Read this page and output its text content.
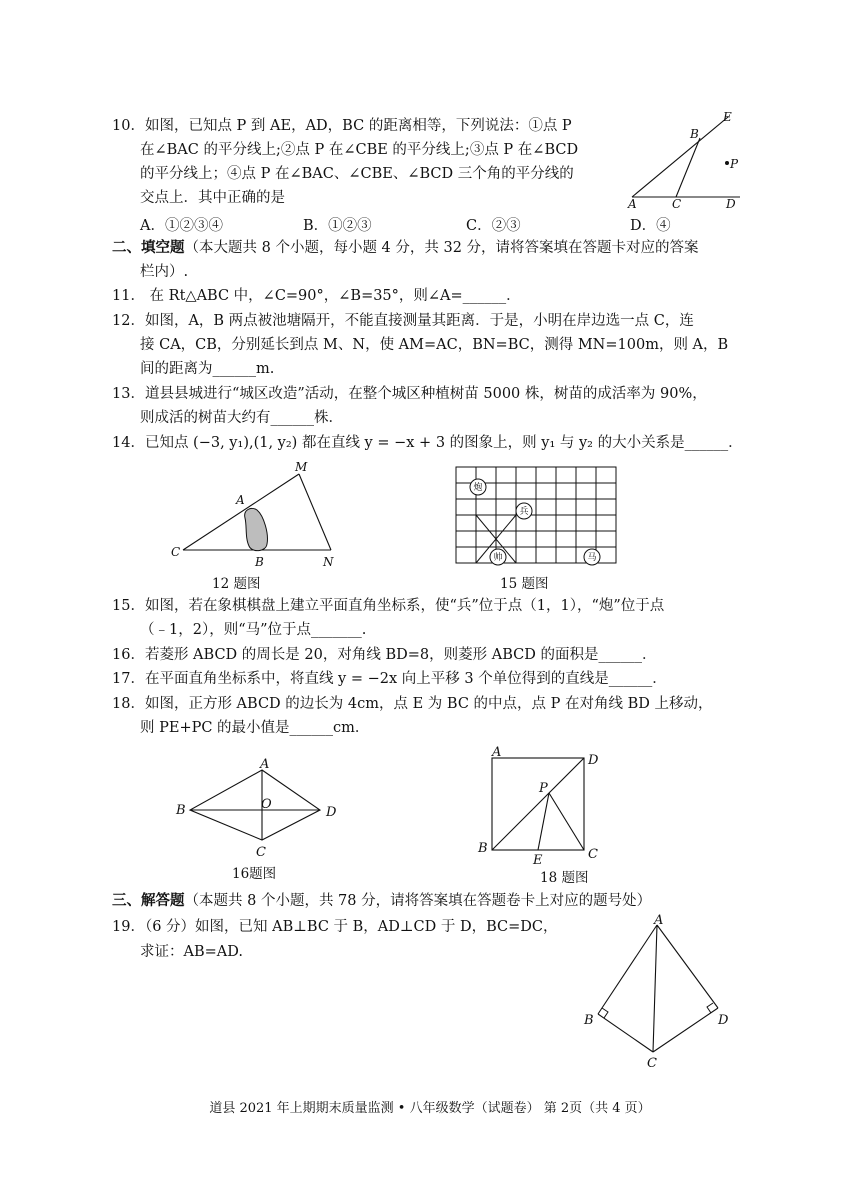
10．如图，已知点 P 到 AE，AD，BC 的距离相等，下列说法：①点 P
在∠BAC 的平分线上;②点 P 在∠CBE 的平分线上;③点 P 在∠BCD
的平分线上；④点 P 在∠BAC、∠CBE、∠BCD 三个角的平分线的
交点上．其中正确的是
A．①②③④	B．①②③	C．②③	D．④
E
B
P
A	C	D
二、填空题（本大题共 8 个小题，每小题 4 分，共 32 分，请将答案填在答题卡对应的答案
栏内）.
11． 在 Rt△ABC 中，∠C=90°，∠B=35°，则∠A=______．
12．如图，A，B 两点被池塘隔开，不能直接测量其距离．于是，小明在岸边选一点 C，连
接 CA，CB，分别延长到点 M、N，使 AM=AC，BN=BC，测得 MN=100m，则 A，B
间的距离为______m.
13．道县县城进行“城区改造”活动，在整个城区种植树苗 5000 株，树苗的成活率为 90%，
则成活的树苗大约有______株．
14．已知点 (−3, y₁),(1, y₂) 都在直线 y = −x + 3 的图象上，则 y₁ 与 y₂ 的大小关系是______．
M
A
C
B	N
12 题图
炮
兵
帅	马
15 题图
15．如图，若在象棋棋盘上建立平面直角坐标系，使“兵”位于点（1，1），“炮”位于点
（﹣1，2），则“马”位于点_______.
16．若菱形 ABCD 的周长是 20，对角线 BD=8，则菱形 ABCD 的面积是______．
17．在平面直角坐标系中，将直线 y = −2x 向上平移 3 个单位得到的直线是______．
18．如图，正方形 ABCD 的边长为 4cm，点 E 为 BC 的中点，点 P 在对角线 BD 上移动，
则 PE+PC 的最小值是______cm．
A
B	O
D
C
16题图
A
D
P
B
E	C
18 题图
三、解答题（本题共 8 个小题，共 78 分，请将答案填在答题卷卡上对应的题号处）
19．（6 分）如图，已知 AB⊥BC 于 B，AD⊥CD 于 D，BC=DC，
求证：AB=AD.
A
B	D
C
道县 2021 年上期期末质量监测 • 八年级数学（试题卷） 第 2页（共 4 页）
